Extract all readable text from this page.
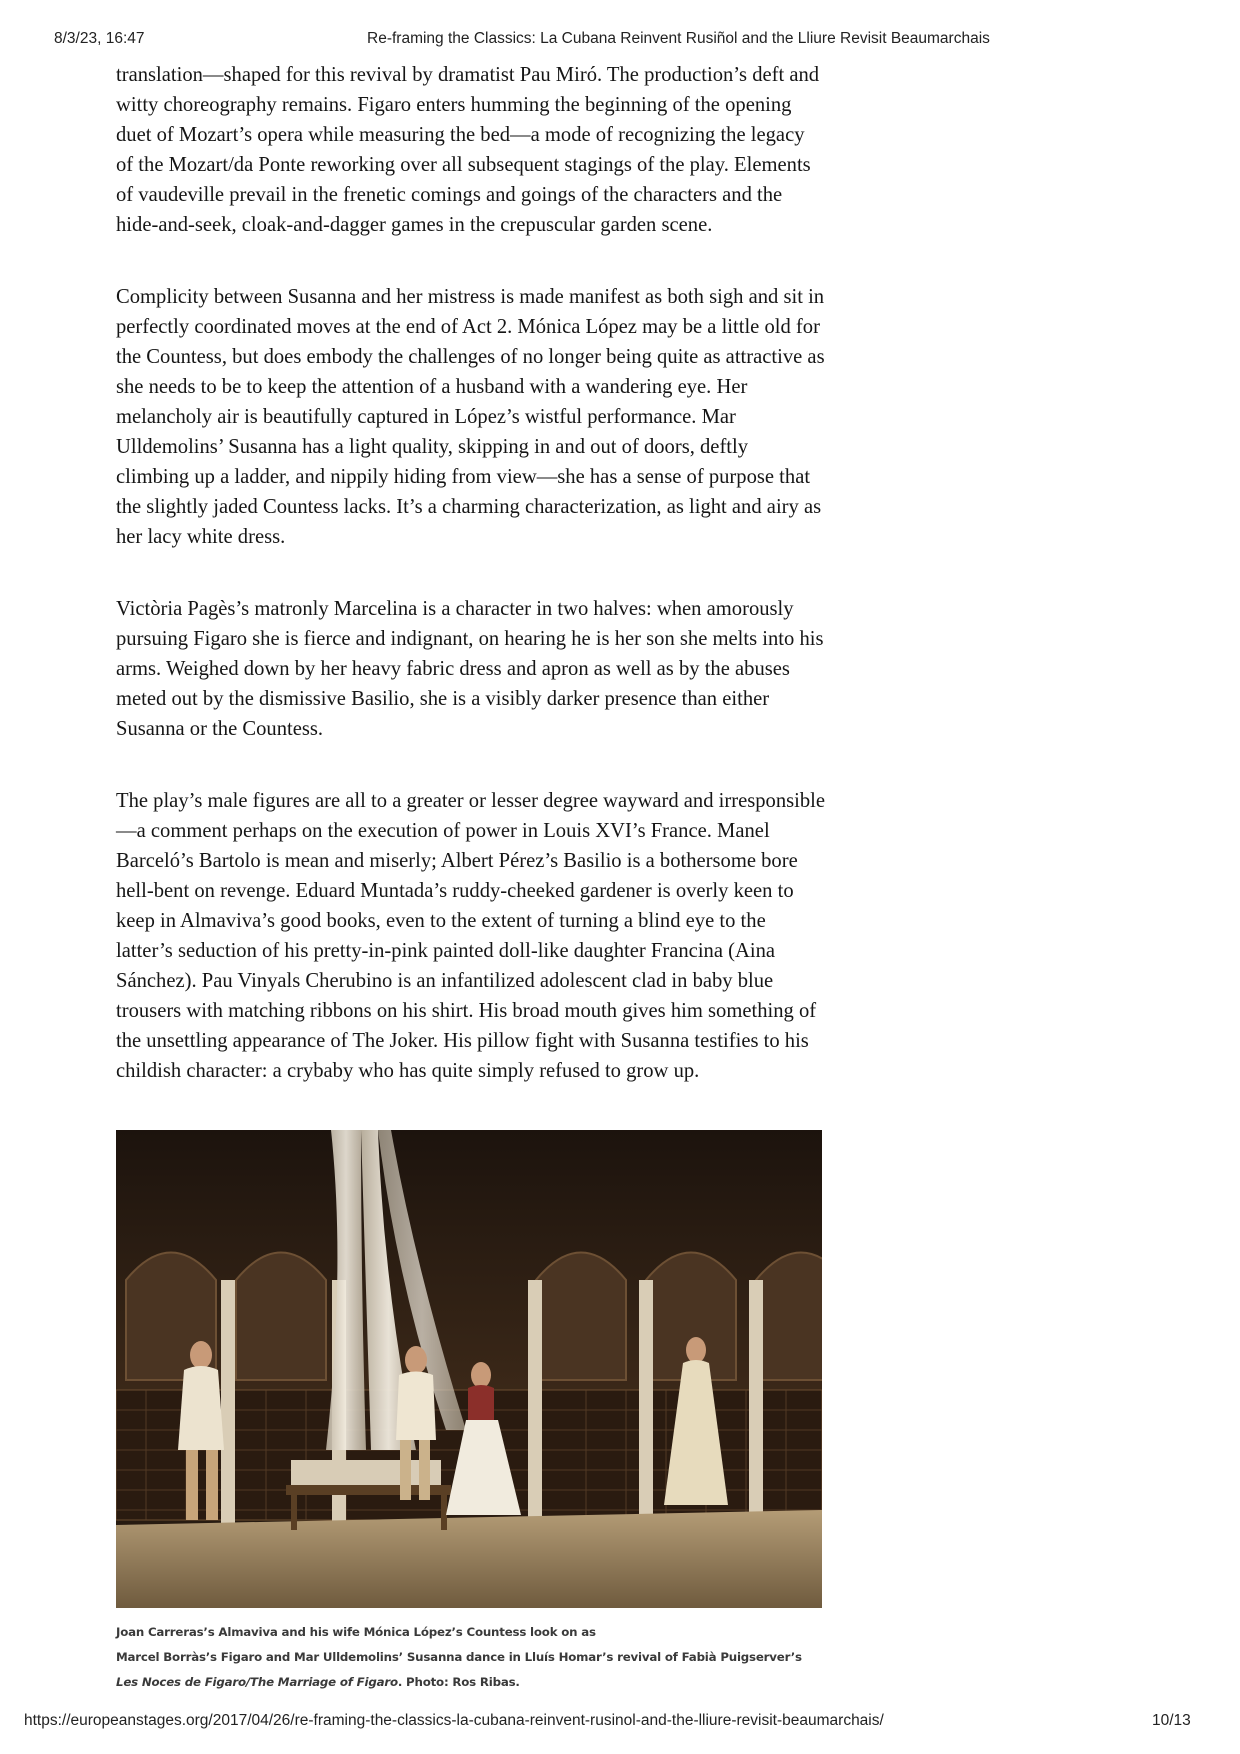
8/3/23, 16:47	Re-framing the Classics: La Cubana Reinvent Rusiñol and the Lliure Revisit Beaumarchais

translation—shaped for this revival by dramatist Pau Miró. The production’s deft and witty choreography remains. Figaro enters humming the beginning of the opening duet of Mozart’s opera while measuring the bed—a mode of recognizing the legacy of the Mozart/da Ponte reworking over all subsequent stagings of the play. Elements of vaudeville prevail in the frenetic comings and goings of the characters and the hide-and-seek, cloak-and-dagger games in the crepuscular garden scene.

Complicity between Susanna and her mistress is made manifest as both sigh and sit in perfectly coordinated moves at the end of Act 2. Mónica López may be a little old for the Countess, but does embody the challenges of no longer being quite as attractive as she needs to be to keep the attention of a husband with a wandering eye. Her melancholy air is beautifully captured in López’s wistful performance. Mar Ulldemolins’ Susanna has a light quality, skipping in and out of doors, deftly climbing up a ladder, and nippily hiding from view—she has a sense of purpose that the slightly jaded Countess lacks. It’s a charming characterization, as light and airy as her lacy white dress.

Victòria Pagès’s matronly Marcelina is a character in two halves: when amorously pursuing Figaro she is fierce and indignant, on hearing he is her son she melts into his arms. Weighed down by her heavy fabric dress and apron as well as by the abuses meted out by the dismissive Basilio, she is a visibly darker presence than either Susanna or the Countess.

The play’s male figures are all to a greater or lesser degree wayward and irresponsible—a comment perhaps on the execution of power in Louis XVI’s France. Manel Barceló’s Bartolo is mean and miserly; Albert Pérez’s Basilio is a bothersome bore hell-bent on revenge. Eduard Muntada’s ruddy-cheeked gardener is overly keen to keep in Almaviva’s good books, even to the extent of turning a blind eye to the latter’s seduction of his pretty-in-pink painted doll-like daughter Francina (Aina Sánchez). Pau Vinyals Cherubino is an infantilized adolescent clad in baby blue trousers with matching ribbons on his shirt. His broad mouth gives him something of the unsettling appearance of The Joker. His pillow fight with Susanna testifies to his childish character: a crybaby who has quite simply refused to grow up.

Joan Carreras’s Almaviva and his wife Mónica López’s Countess look on as
Marcel Borràs’s Figaro and Mar Ulldemolins’ Susanna dance in Lluís Homar’s revival of Fabià Puigserver’s Les Noces de Figaro/The Marriage of Figaro. Photo: Ros Ribas.
https://europeanstages.org/2017/04/26/re-framing-the-classics-la-cubana-reinvent-rusinol-and-the-lliure-revisit-beaumarchais/	10/13
